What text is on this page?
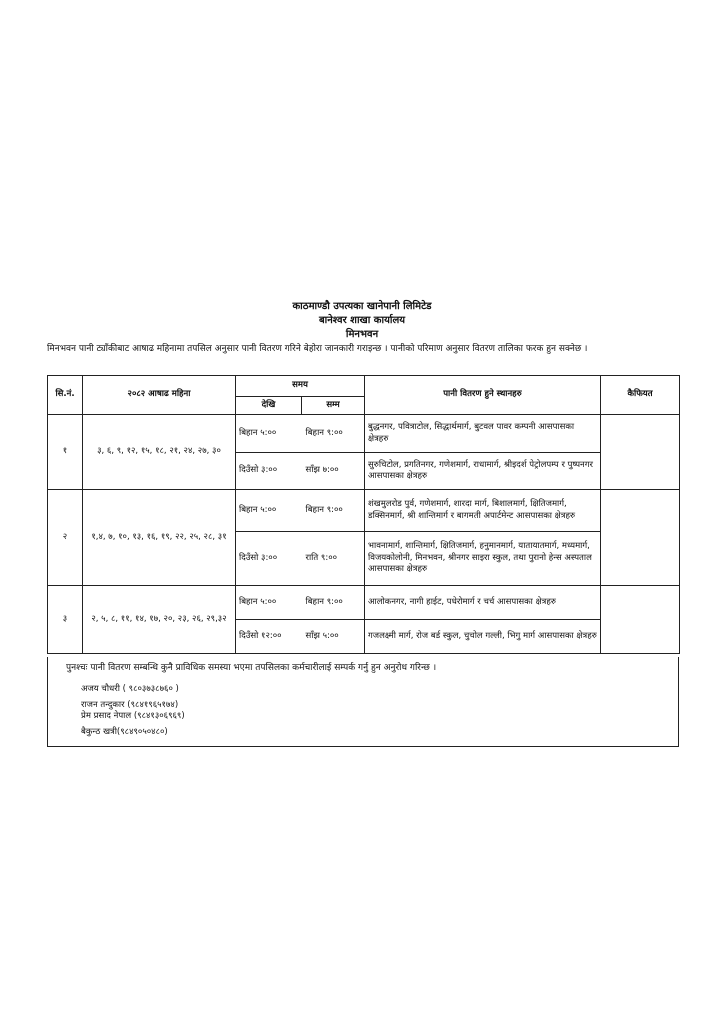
काठमाण्डौ उपत्यका खानेपानी लिमिटेड
बानेश्वर शाखा कार्यालय
मिनभवन
मिनभवन पानी ट्याँकीबाट आषाढ महिनामा तपसिल अनुसार पानी वितरण गरिने बेहोरा जानकारी गराइन्छ । पानीको परिमाण अनुसार वितरण तालिका फरक हुन सक्नेछ ।
सि.नं.	२०८२ आषाढ महिना	समय		पानी वितरण हुने स्थानहरु	कैफियत
		देखि	सम्म		
१	३, ६, ९, १२, १५, १८, २१, २४, २७, ३०	बिहान ५:००	बिहान ९:००	बुद्धनगर, पवित्राटोल, सिद्धार्थमार्ग, बुटवल पावर कम्पनी आसपासका क्षेत्रहरु	
		दिउँसो ३:००	साँझ ७:००	सुरुचिटोल, प्रगतिनगर, गणेशमार्ग, राधामार्ग, श्रीइदर्श पेट्रोलपम्प र पुष्पनगर आसपासका क्षेत्रहरु	
२	१,४, ७, १०, १३, १६, १९, २२, २५, २८, ३१	बिहान ५:००	बिहान ९:००	शंखमुलरोड पुर्व, गणेशमार्ग, शारदा मार्ग, बिशालमार्ग, क्षितिजमार्ग, डक्सिनमार्ग, श्री शान्तिमार्ग र बागमती अपार्टमेन्ट आसपासका क्षेत्रहरु	
		दिउँसो ३:००	राति ९:००	भावनामार्ग, शान्तिमार्ग, क्षितिजमार्ग, हनुमानमार्ग, यातायातमार्ग, मध्यमार्ग, विजयकोलोनी, मिनभवन, श्रीनगर साइरा स्कुल, तथा पुरानो हेन्स अस्पताल आसपासका क्षेत्रहरु	
३	२, ५, ८, ११, १४, १७, २०, २३, २६, २९,३२	बिहान ५:००	बिहान ९:००	आलोकनगर, नागी हाईट, पधेरोमार्ग र चर्च आसपासका क्षेत्रहरु	
		दिउँसो १२:००	साँझ ५:००	गजलक्ष्मी मार्ग, रोज बर्ड स्कुल, चुचोल गल्ली, भिगु मार्ग आसपासका क्षेत्रहरु	
पुनश्चः पानी वितरण सम्बन्धि कुनै प्राविधिक समस्या भएमा तपसिलका कर्मचारीलाई सम्पर्क गर्नु हुन अनुरोध गरिन्छ ।
अजय चौधरी ( ९८०३७३८७६० )
राजन तन्दुकार (९८४१९६५१७४)
प्रेम प्रसाद नेपाल (९८४१३०६९६९)
बैकुन्ठ खत्री(९८४९०५०४८०)
